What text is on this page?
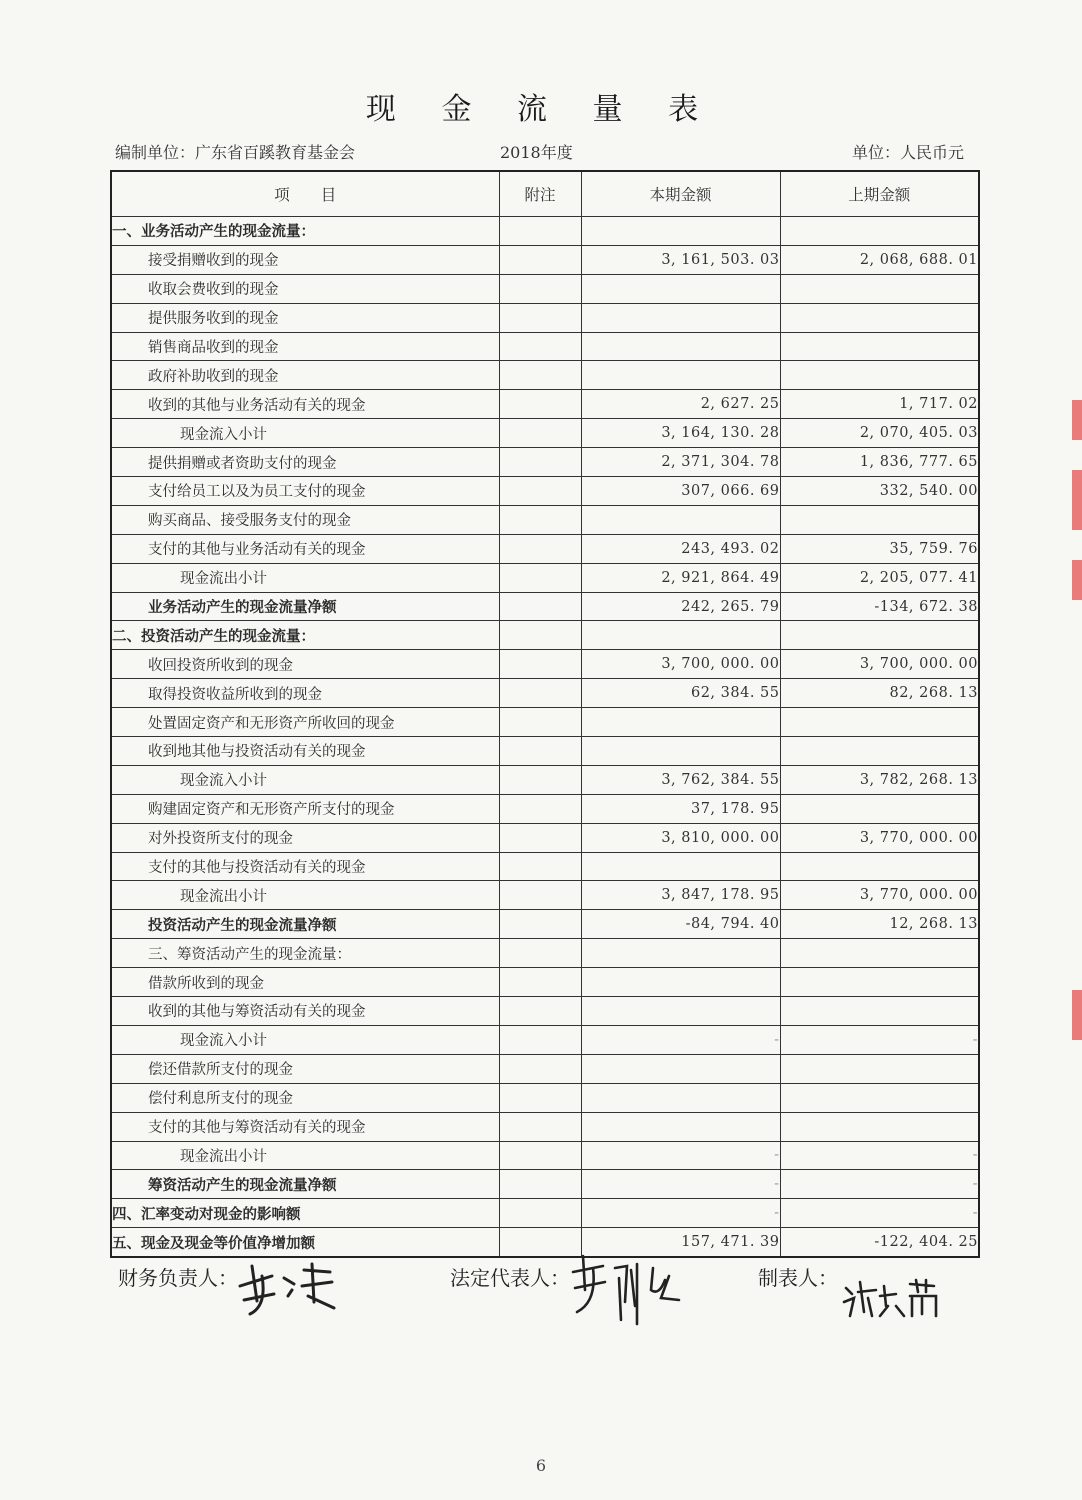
现 金 流 量 表
编制单位：广东省百蹊教育基金会	2018年度	单位：人民币元
项　　目	附注	本期金额	上期金额
一、业务活动产生的现金流量：			
接受捐赠收到的现金		3, 161, 503. 03	2, 068, 688. 01
收取会费收到的现金			
提供服务收到的现金			
销售商品收到的现金			
政府补助收到的现金			
收到的其他与业务活动有关的现金		2, 627. 25	1, 717. 02
现金流入小计		3, 164, 130. 28	2, 070, 405. 03
提供捐赠或者资助支付的现金		2, 371, 304. 78	1, 836, 777. 65
支付给员工以及为员工支付的现金		307, 066. 69	332, 540. 00
购买商品、接受服务支付的现金			
支付的其他与业务活动有关的现金		243, 493. 02	35, 759. 76
现金流出小计		2, 921, 864. 49	2, 205, 077. 41
业务活动产生的现金流量净额		242, 265. 79	-134, 672. 38
二、投资活动产生的现金流量：			
收回投资所收到的现金		3, 700, 000. 00	3, 700, 000. 00
取得投资收益所收到的现金		62, 384. 55	82, 268. 13
处置固定资产和无形资产所收回的现金			
收到地其他与投资活动有关的现金			
现金流入小计		3, 762, 384. 55	3, 782, 268. 13
购建固定资产和无形资产所支付的现金		37, 178. 95	
对外投资所支付的现金		3, 810, 000. 00	3, 770, 000. 00
支付的其他与投资活动有关的现金			
现金流出小计		3, 847, 178. 95	3, 770, 000. 00
投资活动产生的现金流量净额		-84, 794. 40	12, 268. 13
三、筹资活动产生的现金流量：			
借款所收到的现金			
收到的其他与筹资活动有关的现金			
现金流入小计		-	-
偿还借款所支付的现金			
偿付利息所支付的现金			
支付的其他与筹资活动有关的现金			
现金流出小计		-	-
筹资活动产生的现金流量净额		-	-
四、汇率变动对现金的影响额		-	-
五、现金及现金等价值净增加额		157, 471. 39	-122, 404. 25
财务负责人：	法定代表人：	制表人：
6
